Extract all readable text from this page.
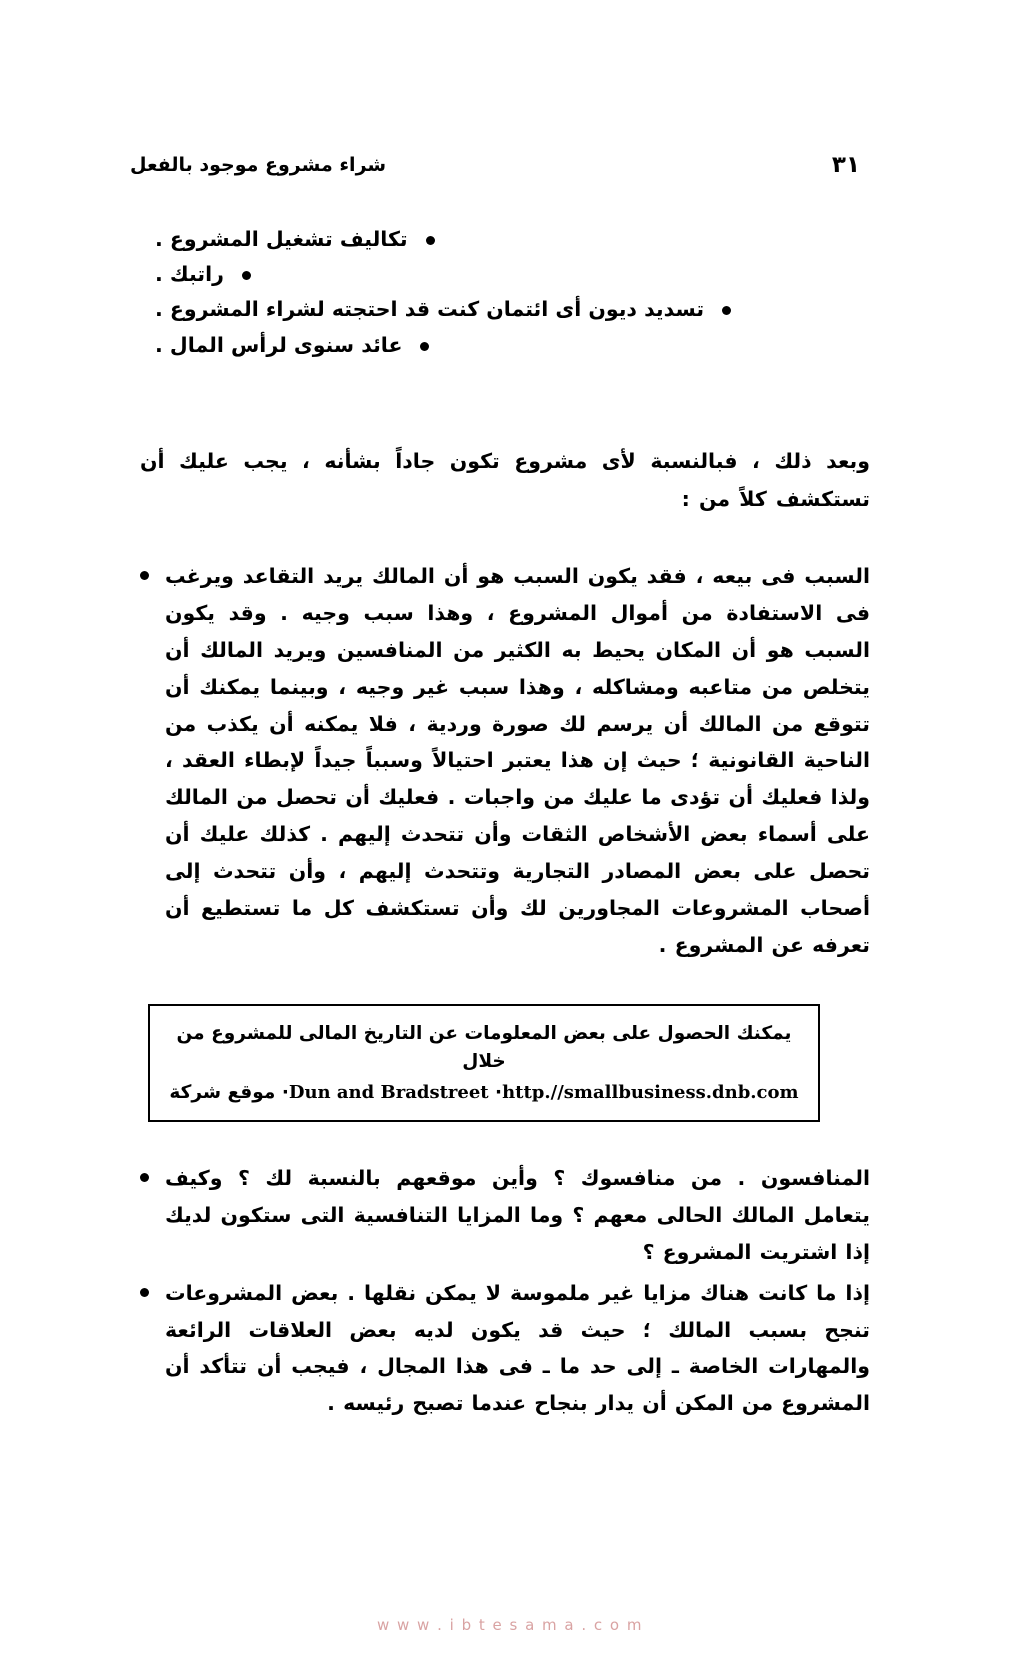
٣١
شراء مشروع موجود بالفعل
تكاليف تشغيل المشروع .
راتبك .
تسديد ديون أى ائتمان كنت قد احتجته لشراء المشروع .
عائد سنوى لرأس المال .
وبعد ذلك ، فبالنسبة لأى مشروع تكون جاداً بشأنه ، يجب عليك أن تستكشف كلاً من :
السبب فى بيعه ، فقد يكون السبب هو أن المالك يريد التقاعد ويرغب فى الاستفادة من أموال المشروع ، وهذا سبب وجيه . وقد يكون السبب هو أن المكان يحيط به الكثير من المنافسين ويريد المالك أن يتخلص من متاعبه ومشاكله ، وهذا سبب غير وجيه ، وبينما يمكنك أن تتوقع من المالك أن يرسم لك صورة وردية ، فلا يمكنه أن يكذب من الناحية القانونية ؛ حيث إن هذا يعتبر احتيالاً وسبباً جيداً لإبطاء العقد ، ولذا فعليك أن تؤدى ما عليك من واجبات . فعليك أن تحصل من المالك على أسماء بعض الأشخاص الثقات وأن تتحدث إليهم . كذلك عليك أن تحصل على بعض المصادر التجارية وتتحدث إليهم ، وأن تتحدث إلى أصحاب المشروعات المجاورين لك وأن تستكشف كل ما تستطيع أن تعرفه عن المشروع .
يمكنك الحصول على بعض المعلومات عن التاريخ المالى للمشروع من خلال
http.//smallbusiness.dnb.com· Dun and Bradstreet· موقع شركة
المنافسون . من منافسوك ؟ وأين موقعهم بالنسبة لك ؟ وكيف يتعامل المالك الحالى معهم ؟ وما المزايا التنافسية التى ستكون لديك إذا اشتريت المشروع ؟
إذا ما كانت هناك مزايا غير ملموسة لا يمكن نقلها . بعض المشروعات تنجح بسبب المالك ؛ حيث قد يكون لديه بعض العلاقات الرائعة والمهارات الخاصة ـ إلى حد ما ـ فى هذا المجال ، فيجب أن تتأكد أن المشروع من المكن أن يدار بنجاح عندما تصبح رئيسه .
w w w . i b t e s a m a . c o m
